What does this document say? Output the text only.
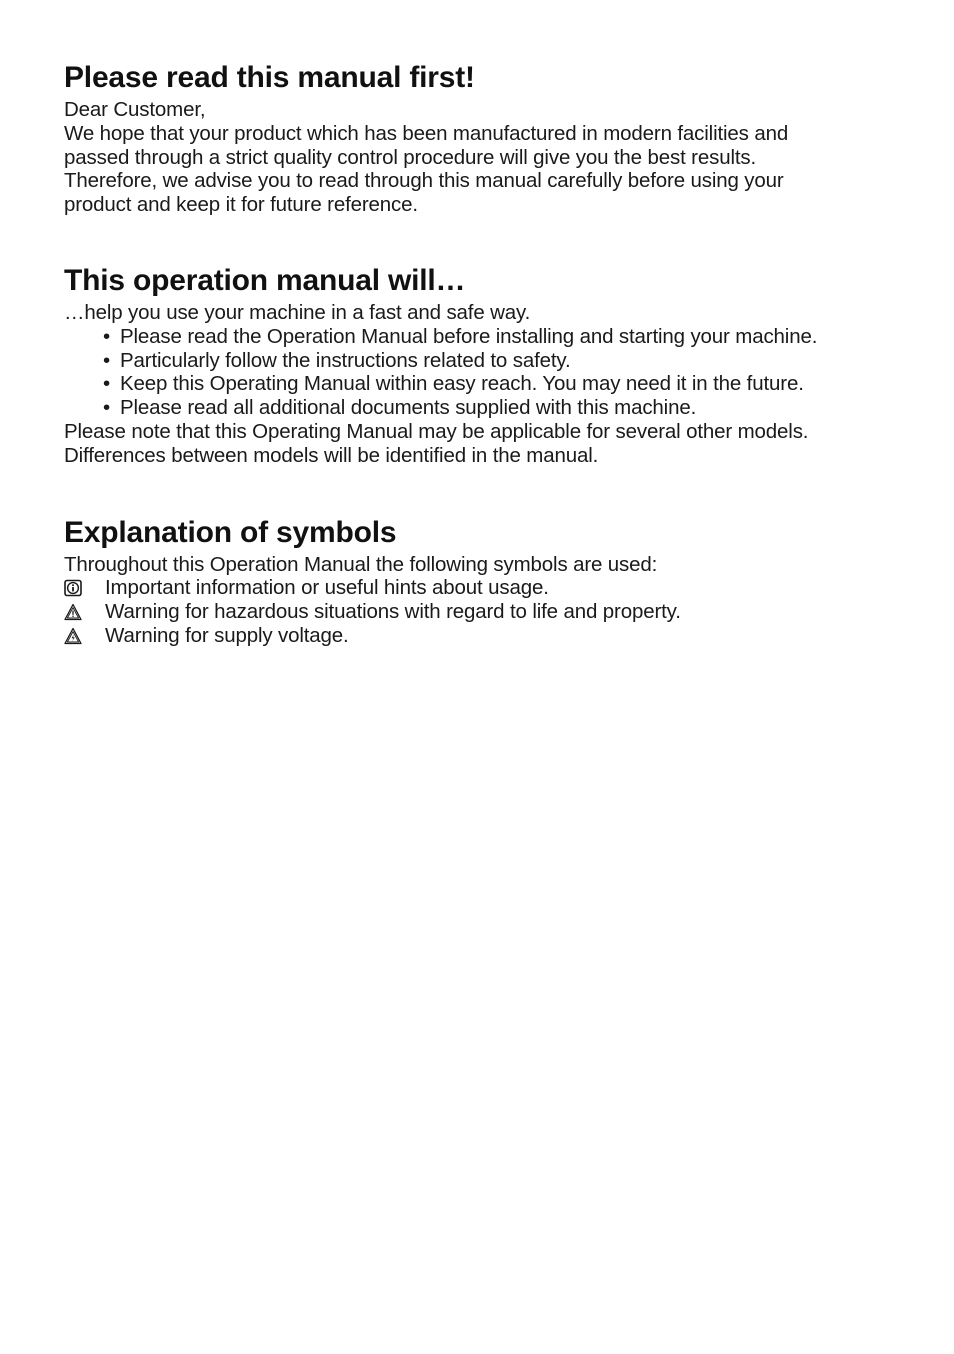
Please read this manual first!

Dear Customer,

We hope that your product which has been manufactured in modern facilities and

passed through a strict quality control procedure will give you the best results.

Therefore, we advise you to read through this manual carefully before using your

product and keep it for future reference.

This operation manual will…

…help you use your machine in a fast and safe way.

• Please read the Operation Manual before installing and starting your machine.
• Particularly follow the instructions related to safety.
• Keep this Operating Manual within easy reach. You may need it in the future.
• Please read all additional documents supplied with this machine.

Please note that this Operating Manual may be applicable for several other models.

Differences between models will be identified in the manual.

Explanation of symbols

Throughout this Operation Manual the following symbols are used:

Important information or useful hints about usage.
Warning for hazardous situations with regard to life and property.
Warning for supply voltage.
